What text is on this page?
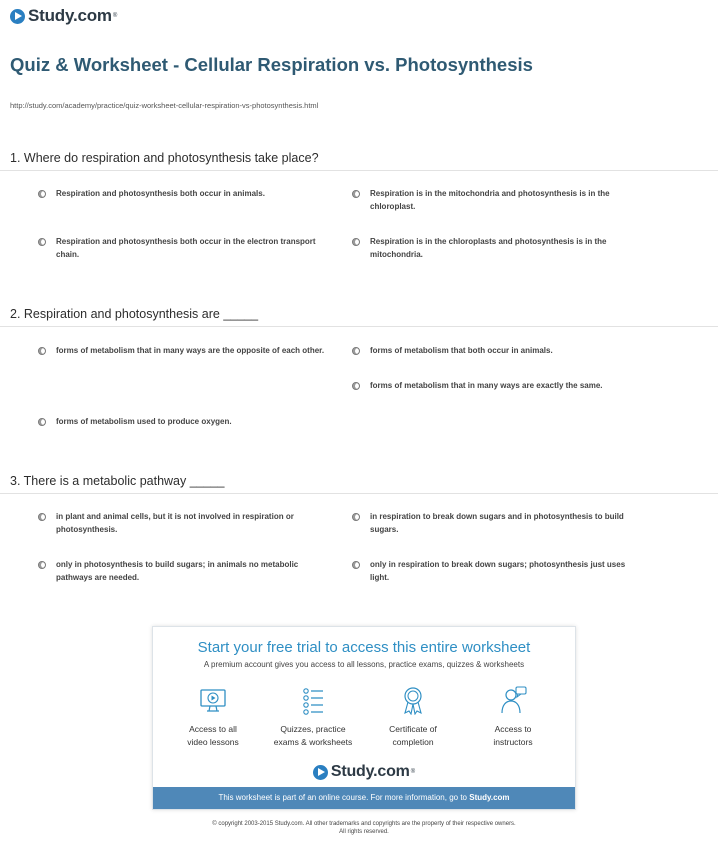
Study.com ®
Quiz & Worksheet - Cellular Respiration vs. Photosynthesis
http://study.com/academy/practice/quiz-worksheet-cellular-respiration-vs-photosynthesis.html
1. Where do respiration and photosynthesis take place?
Respiration and photosynthesis both occur in animals.	Respiration is in the mitochondria and photosynthesis is in the chloroplast.
Respiration and photosynthesis both occur in the electron transport chain.
Respiration is in the chloroplasts and photosynthesis is in the mitochondria.
2. Respiration and photosynthesis are _____
forms of metabolism that in many ways are the opposite of each other.	forms of metabolism that both occur in animals.
forms of metabolism that in many ways are exactly the same.
forms of metabolism used to produce oxygen.
3. There is a metabolic pathway _____
in plant and animal cells, but it is not involved in respiration or photosynthesis.
in respiration to break down sugars and in photosynthesis to build sugars.
only in photosynthesis to build sugars; in animals no metabolic pathways are needed.
only in respiration to break down sugars; photosynthesis just uses light.
Start your free trial to access this entire worksheet
A premium account gives you access to all lessons, practice exams, quizzes & worksheets
Access to all
video lessons
Quizzes, practice
exams & worksheets
Certificate of
completion
Access to
instructors
Study.com ®
This worksheet is part of an online course. For more information, go to Study.com
© copyright 2003-2015 Study.com. All other trademarks and copyrights are the property of their respective owners.
All rights reserved.
